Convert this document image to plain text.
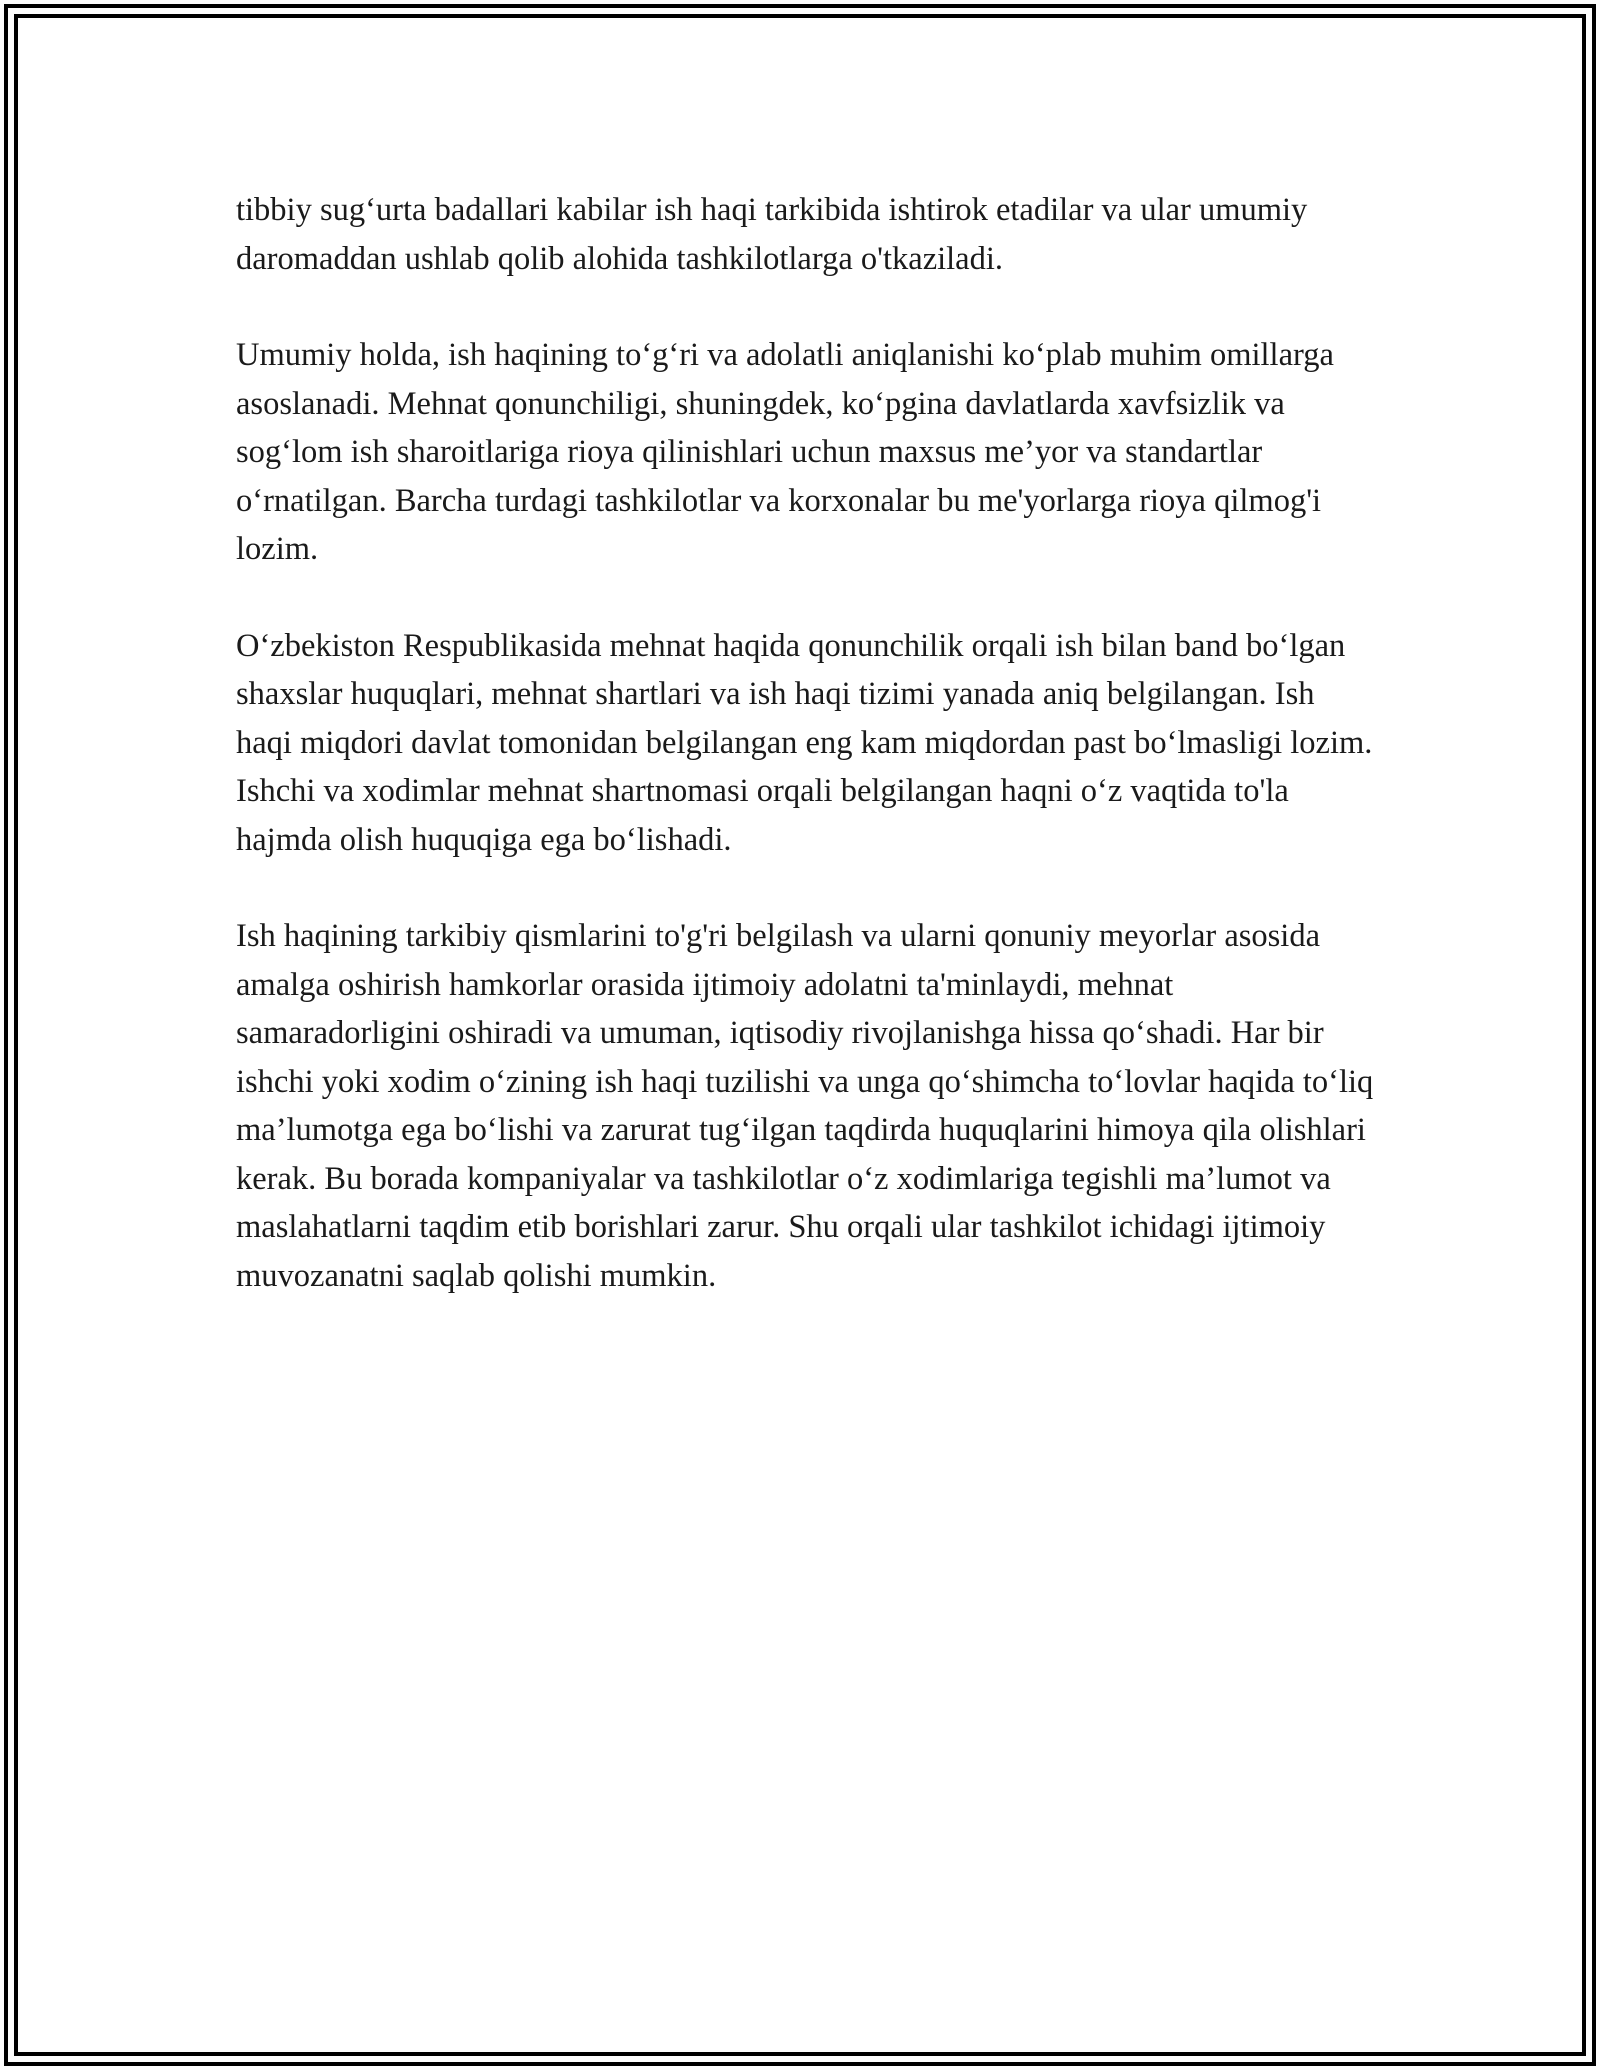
tibbiy sug‘urta badallari kabilar ish haqi tarkibida ishtirok etadilar va ular umumiy daromaddan ushlab qolib alohida tashkilotlarga o'tkaziladi.

Umumiy holda, ish haqining to‘g‘ri va adolatli aniqlanishi ko‘plab muhim omillarga asoslanadi. Mehnat qonunchiligi, shuningdek, ko‘pgina davlatlarda xavfsizlik va sog‘lom ish sharoitlariga rioya qilinishlari uchun maxsus me’yor va standartlar o‘rnatilgan. Barcha turdagi tashkilotlar va korxonalar bu me'yorlarga rioya qilmog'i lozim.

O‘zbekiston Respublikasida mehnat haqida qonunchilik orqali ish bilan band bo‘lgan shaxslar huquqlari, mehnat shartlari va ish haqi tizimi yanada aniq belgilangan. Ish haqi miqdori davlat tomonidan belgilangan eng kam miqdordan past bo‘lmasligi lozim. Ishchi va xodimlar mehnat shartnomasi orqali belgilangan haqni o‘z vaqtida to'la hajmda olish huquqiga ega bo‘lishadi.

Ish haqining tarkibiy qismlarini to'g'ri belgilash va ularni qonuniy meyorlar asosida amalga oshirish hamkorlar orasida ijtimoiy adolatni ta'minlaydi, mehnat samaradorligini oshiradi va umuman, iqtisodiy rivojlanishga hissa qo‘shadi. Har bir ishchi yoki xodim o‘zining ish haqi tuzilishi va unga qo‘shimcha to‘lovlar haqida to‘liq ma’lumotga ega bo‘lishi va zarurat tug‘ilgan taqdirda huquqlarini himoya qila olishlari kerak. Bu borada kompaniyalar va tashkilotlar o‘z xodimlariga tegishli ma’lumot va maslahatlarni taqdim etib borishlari zarur. Shu orqali ular tashkilot ichidagi ijtimoiy muvozanatni saqlab qolishi mumkin.
